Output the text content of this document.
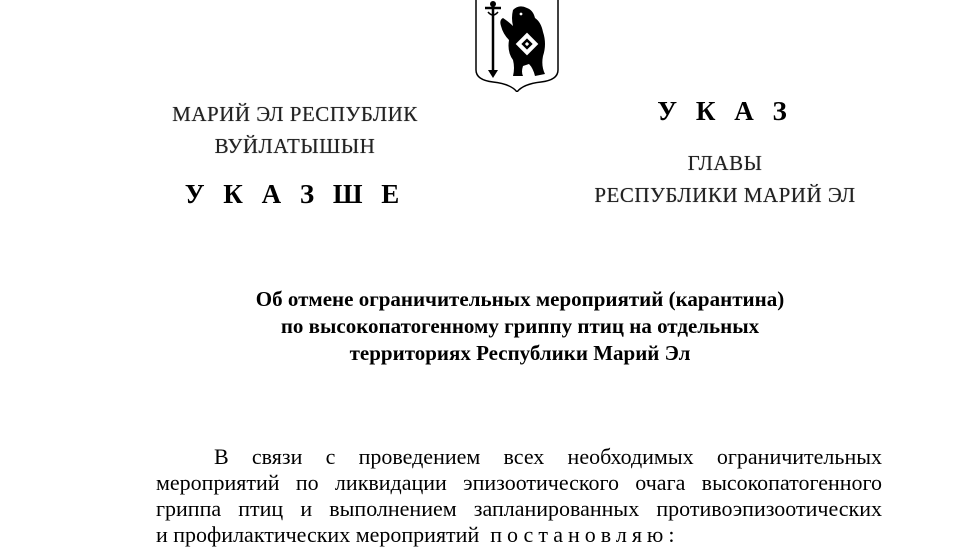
МАРИЙ ЭЛ РЕСПУБЛИК
ВУЙЛАТЫШЫН
У К А З Ш Е
У К А З
ГЛАВЫ
РЕСПУБЛИКИ МАРИЙ ЭЛ
Об отмене ограничительных мероприятий (карантина)
по высокопатогенному гриппу птиц на отдельных
территориях Республики Марий Эл
В связи с проведением всех необходимых ограничительных
мероприятий по ликвидации эпизоотического очага высокопатогенного
гриппа птиц и выполнением запланированных противоэпизоотических
и профилактических мероприятий постановляю:
